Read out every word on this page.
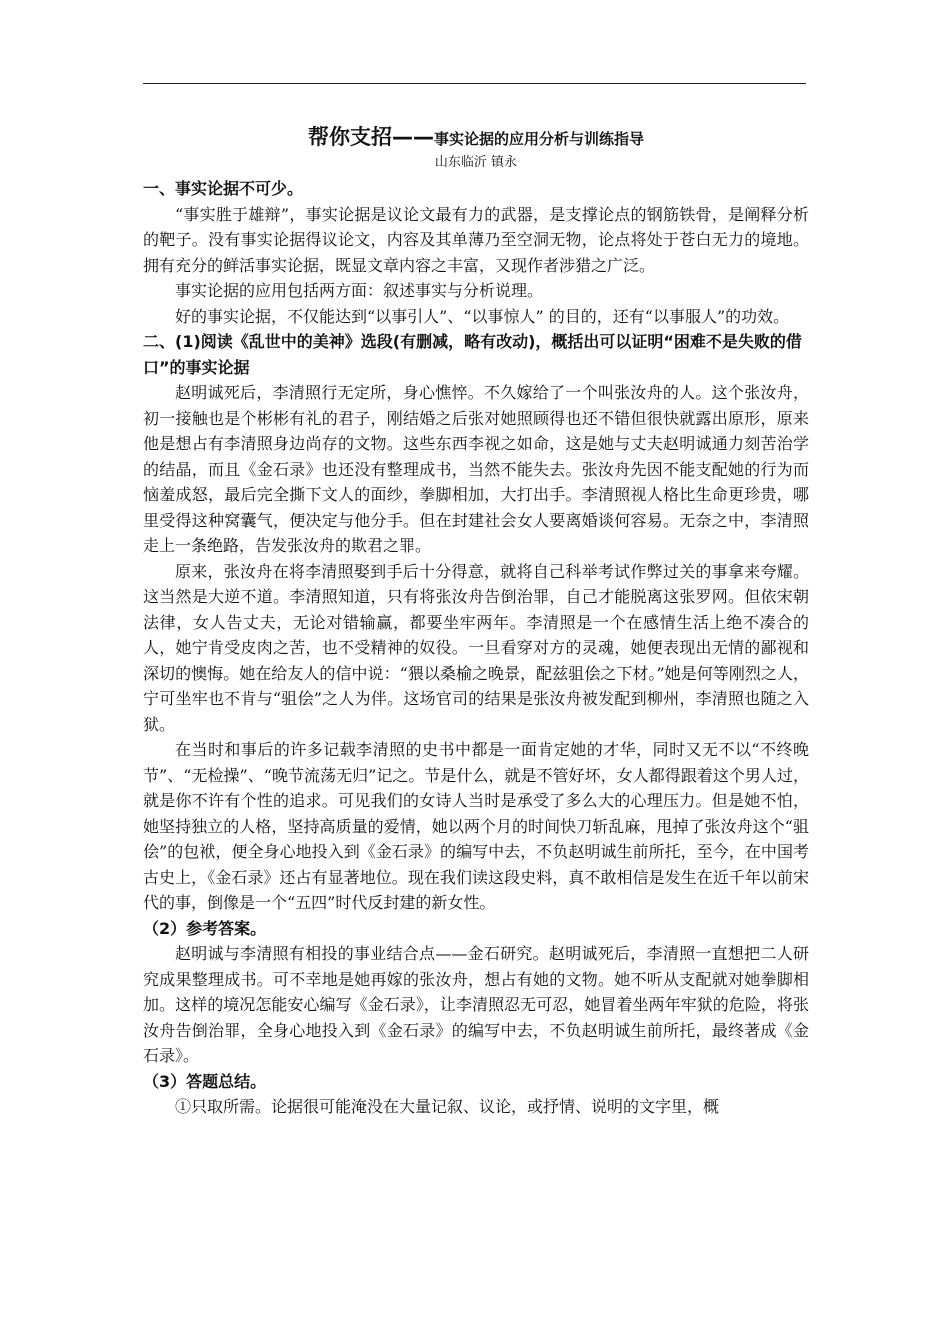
帮你支招——事实论据的应用分析与训练指导

山东临沂 镇永

一、事实论据不可少。

“事实胜于雄辩”，事实论据是议论文最有力的武器，是支撑论点的钢筋铁骨，是阐释分析的靶子。没有事实论据得议论文，内容及其单薄乃至空洞无物，论点将处于苍白无力的境地。拥有充分的鲜活事实论据，既显文章内容之丰富，又现作者涉猎之广泛。

事实论据的应用包括两方面：叙述事实与分析说理。

好的事实论据，不仅能达到“以事引人”、“以事惊人” 的目的，还有“以事服人”的功效。

二、(1)阅读《乱世中的美神》选段(有删减，略有改动)，概括出可以证明“困难不是失败的借口”的事实论据

赵明诚死后，李清照行无定所，身心憔悴。不久嫁给了一个叫张汝舟的人。这个张汝舟，初一接触也是个彬彬有礼的君子，刚结婚之后张对她照顾得也还不错但很快就露出原形，原来他是想占有李清照身边尚存的文物。这些东西李视之如命，这是她与丈夫赵明诚通力刻苦治学的结晶，而且《金石录》也还没有整理成书，当然不能失去。张汝舟先因不能支配她的行为而恼羞成怒，最后完全撕下文人的面纱，拳脚相加，大打出手。李清照视人格比生命更珍贵，哪里受得这种窝囊气，便决定与他分手。但在封建社会女人要离婚谈何容易。无奈之中，李清照走上一条绝路，告发张汝舟的欺君之罪。

原来，张汝舟在将李清照娶到手后十分得意，就将自己科举考试作弊过关的事拿来夸耀。这当然是大逆不道。李清照知道，只有将张汝舟告倒治罪，自己才能脱离这张罗网。但依宋朝法律，女人告丈夫，无论对错输赢，都要坐牢两年。李清照是一个在感情生活上绝不凑合的人，她宁肯受皮肉之苦，也不受精神的奴役。一旦看穿对方的灵魂，她便表现出无情的鄙视和深切的懊悔。她在给友人的信中说：“猥以桑榆之晚景，配兹驵侩之下材。”她是何等刚烈之人，宁可坐牢也不肯与“驵侩”之人为伴。这场官司的结果是张汝舟被发配到柳州，李清照也随之入狱。

在当时和事后的许多记载李清照的史书中都是一面肯定她的才华，同时又无不以“不终晚节”、“无检操”、“晚节流荡无归”记之。节是什么，就是不管好坏，女人都得跟着这个男人过，就是你不许有个性的追求。可见我们的女诗人当时是承受了多么大的心理压力。但是她不怕，她坚持独立的人格，坚持高质量的爱情，她以两个月的时间快刀斩乱麻，甩掉了张汝舟这个“驵侩”的包袱，便全身心地投入到《金石录》的编写中去，不负赵明诚生前所托，至今，在中国考古史上，《金石录》还占有显著地位。现在我们读这段史料，真不敢相信是发生在近千年以前宋代的事，倒像是一个“五四”时代反封建的新女性。

（2）参考答案。

赵明诚与李清照有相投的事业结合点——金石研究。赵明诚死后，李清照一直想把二人研究成果整理成书。可不幸地是她再嫁的张汝舟，想占有她的文物。她不听从支配就对她拳脚相加。这样的境况怎能安心编写《金石录》，让李清照忍无可忍，她冒着坐两年牢狱的危险，将张汝舟告倒治罪，全身心地投入到《金石录》的编写中去，不负赵明诚生前所托，最终著成《金石录》。

（3）答题总结。

①只取所需。论据很可能淹没在大量记叙、议论，或抒情、说明的文字里，概
